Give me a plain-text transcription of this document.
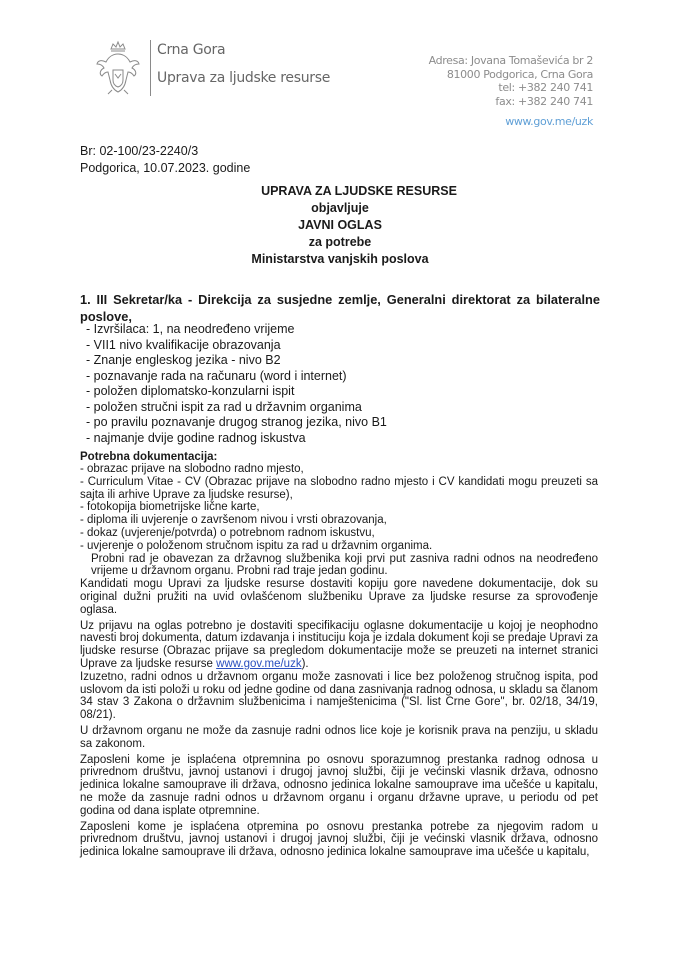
Crna Gora
Uprava za ljudske resurse
Adresa: Jovana Tomaševića br 2
81000 Podgorica, Crna Gora
tel: +382 240 741
fax: +382 240 741
www.gov.me/uzk
Br: 02-100/23-2240/3
Podgorica, 10.07.2023. godine
UPRAVA ZA LJUDSKE RESURSE
objavljuje
JAVNI OGLAS
za potrebe
Ministarstva vanjskih poslova
1. III Sekretar/ka - Direkcija za susjedne zemlje, Generalni direktorat za bilateralne poslove,
- Izvršilaca: 1, na neodređeno vrijeme
- VII1 nivo kvalifikacije obrazovanja
- Znanje engleskog jezika - nivo B2
- poznavanje rada na računaru (word i internet)
- položen diplomatsko-konzularni ispit
- položen stručni ispit za rad u državnim organima
- po pravilu poznavanje drugog stranog jezika, nivo B1
- najmanje dvije godine radnog iskustva
Potrebna dokumentacija:

- obrazac prijave na slobodno radno mjesto,

- Curriculum Vitae - CV (Obrazac prijave na slobodno radno mjesto i CV kandidati mogu preuzeti sa sajta ili arhive Uprave za ljudske resurse),

- fotokopija biometrijske lične karte,

- diploma ili uvjerenje o završenom nivou i vrsti obrazovanja,

- dokaz (uvjerenje/potvrda) o potrebnom radnom iskustvu,

- uvjerenje o položenom stručnom ispitu za rad u državnim organima.

Probni rad je obavezan za državnog službenika koji prvi put zasniva radni odnos na neodređeno vrijeme u državnom organu. Probni rad traje jedan godinu.

Kandidati mogu Upravi za ljudske resurse dostaviti kopiju gore navedene dokumentacije, dok su original dužni pružiti na uvid ovlašćenom službeniku Uprave za ljudske resurse za sprovođenje oglasa.

Uz prijavu na oglas potrebno je dostaviti specifikaciju oglasne dokumentacije u kojoj je neophodno navesti broj dokumenta, datum izdavanja i instituciju koja je izdala dokument koji se predaje Upravi za ljudske resurse (Obrazac prijave sa pregledom dokumentacije može se preuzeti na internet stranici Uprave za ljudske resurse www.gov.me/uzk).

Izuzetno, radni odnos u državnom organu može zasnovati i lice bez položenog stručnog ispita, pod uslovom da isti položi u roku od jedne godine od dana zasnivanja radnog odnosa, u skladu sa članom 34 stav 3 Zakona o državnim službenicima i namještenicima ("Sl. list Crne Gore", br. 02/18, 34/19, 08/21).

U državnom organu ne može da zasnuje radni odnos lice koje je korisnik prava na penziju, u skladu sa zakonom.

Zaposleni kome je isplaćena otpremnina po osnovu sporazumnog prestanka radnog odnosa u privrednom društvu, javnoj ustanovi i drugoj javnoj službi, čiji je većinski vlasnik država, odnosno jedinica lokalne samouprave ili država, odnosno jedinica lokalne samouprave ima učešće u kapitalu, ne može da zasnuje radni odnos u državnom organu i organu državne uprave, u periodu od pet godina od dana isplate otpremnine.

Zaposleni kome je isplaćena otpremina po osnovu prestanka potrebe za njegovim radom u privrednom društvu, javnoj ustanovi i drugoj javnoj službi, čiji je većinski vlasnik država, odnosno jedinica lokalne samouprave ili država, odnosno jedinica lokalne samouprave ima učešće u kapitalu,
